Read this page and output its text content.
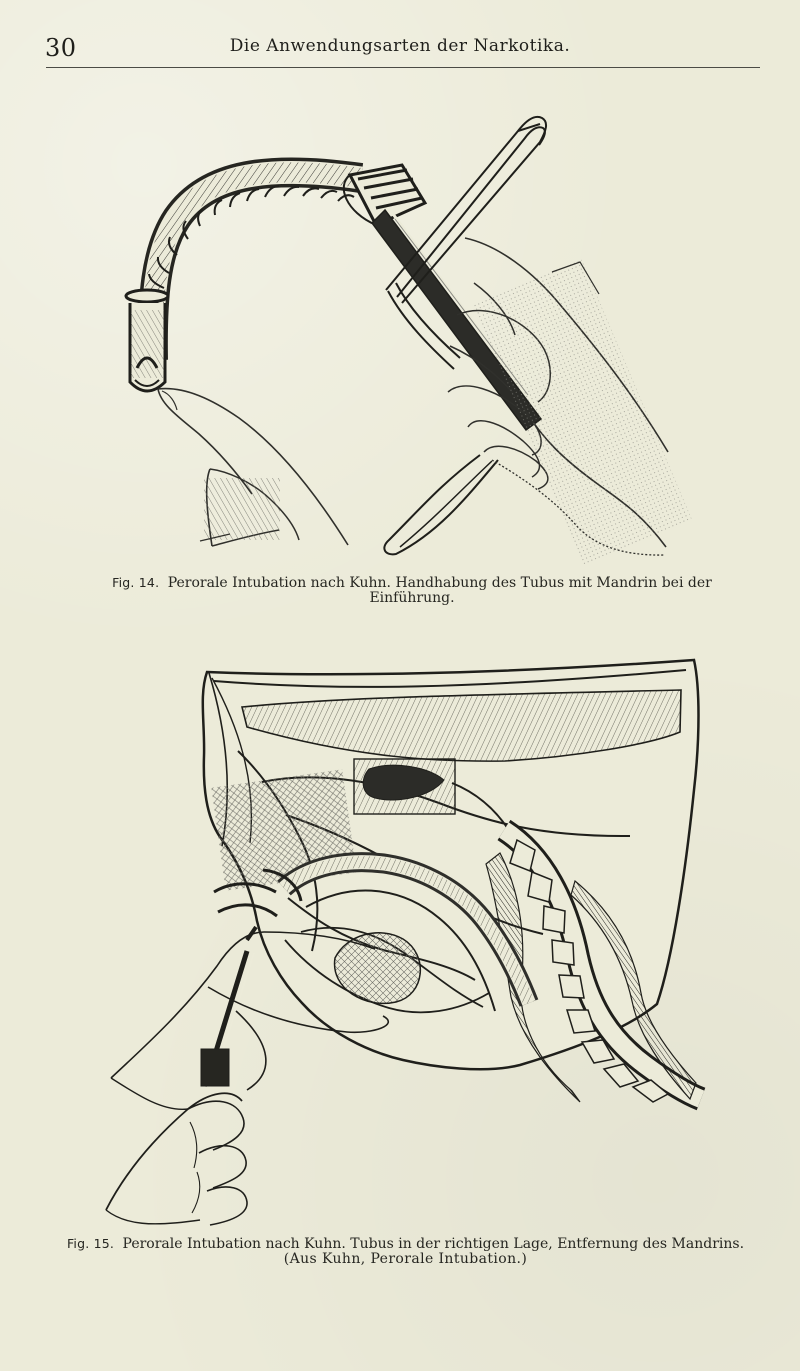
30	Die Anwendungsarten der Narkotika.
Fig. 14. Perorale Intubation nach Kuhn. Handhabung des Tubus mit Mandrin bei der
Einführung.
Fig. 15. Perorale Intubation nach Kuhn. Tubus in der richtigen Lage, Entfernung des Mandrins.
(Aus Kuhn, Perorale Intubation.)
